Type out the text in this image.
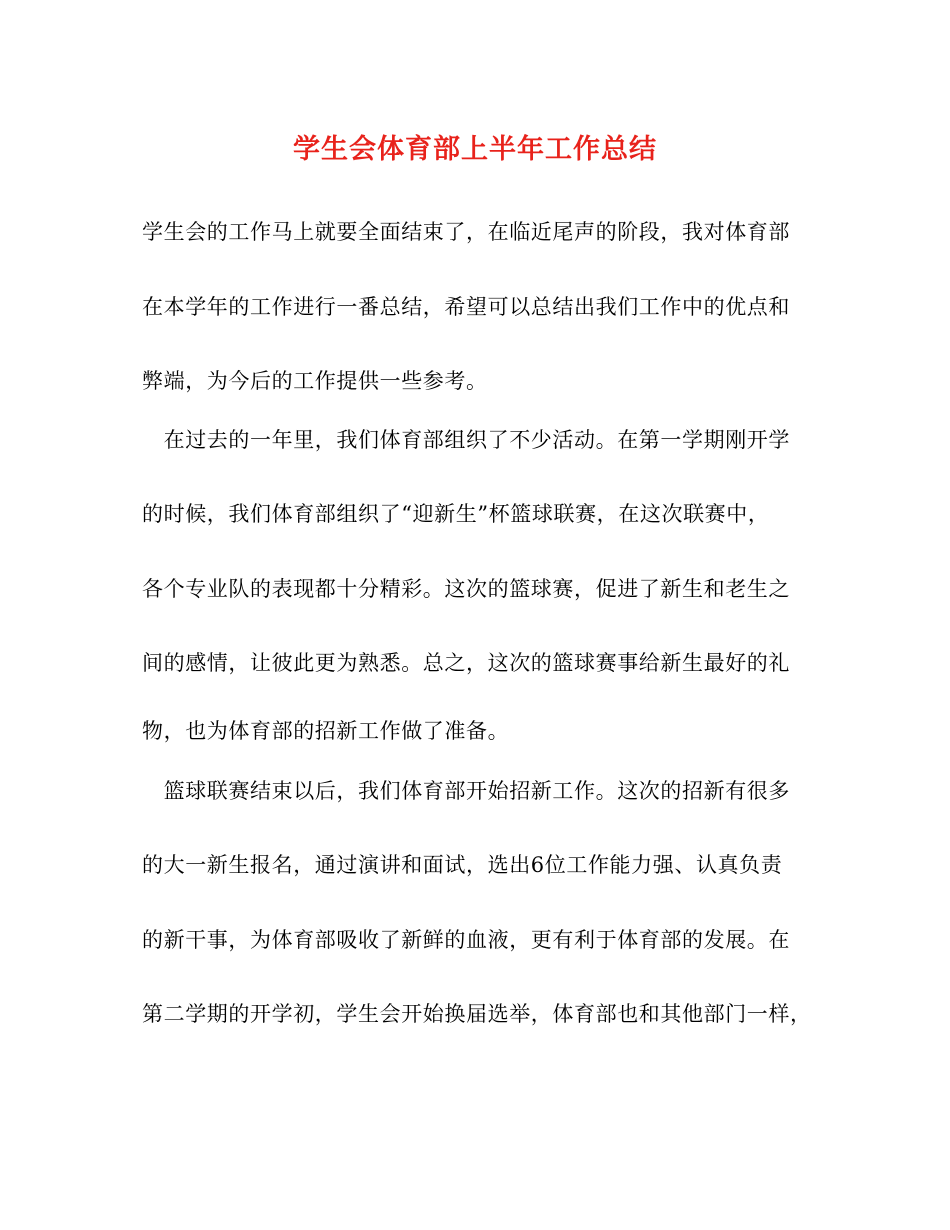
学生会体育部上半年工作总结
学生会的工作马上就要全面结束了，在临近尾声的阶段，我对体育部
在本学年的工作进行一番总结，希望可以总结出我们工作中的优点和
弊端，为今后的工作提供一些参考。
　在过去的一年里，我们体育部组织了不少活动。在第一学期刚开学
的时候，我们体育部组织了“迎新生”杯篮球联赛，在这次联赛中，
各个专业队的表现都十分精彩。这次的篮球赛，促进了新生和老生之
间的感情，让彼此更为熟悉。总之，这次的篮球赛事给新生最好的礼
物，也为体育部的招新工作做了准备。
　篮球联赛结束以后，我们体育部开始招新工作。这次的招新有很多
的大一新生报名，通过演讲和面试，选出6位工作能力强、认真负责
的新干事，为体育部吸收了新鲜的血液，更有利于体育部的发展。在
第二学期的开学初，学生会开始换届选举，体育部也和其他部门一样，
